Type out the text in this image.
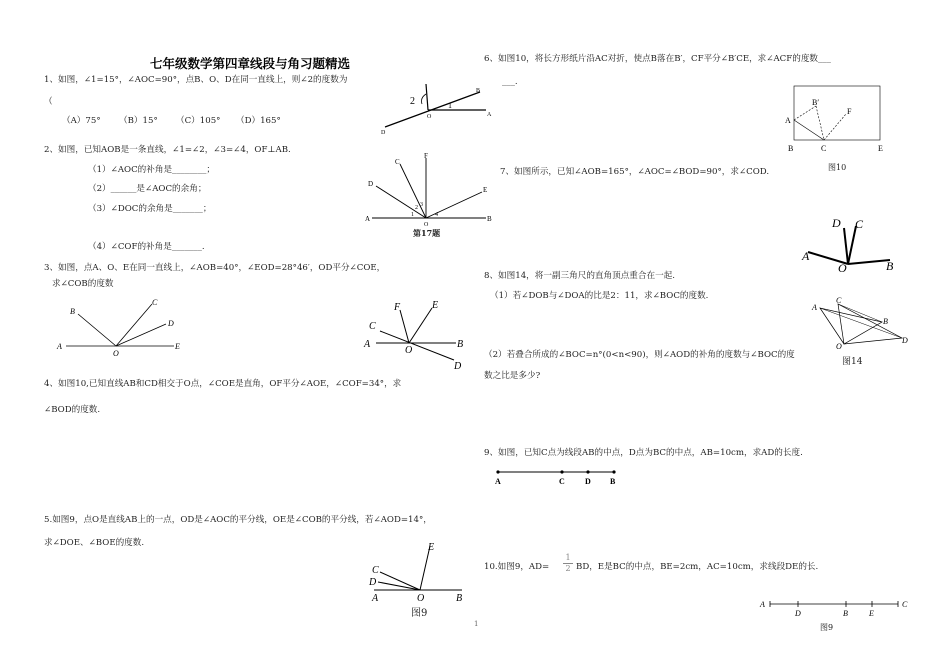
七年级数学第四章线段与角习题精选
1、如图，∠1=15°，∠AOC=90°，点B、O、D在同一直线上，则∠2的度数为
（
（A）75° （B）15° （C）105° （D）165°
2	1
A
B
D
O
2、如图，已知AOB是一条直线，∠1=∠2，∠3=∠4，OF⊥AB.
（1）∠AOC的补角是________；
（2）______是∠AOC的余角；
（3）∠DOC的余角是_______；
（4）∠COF的补角是_______.
F
C
D
E
A	B
O
1
2 3
4
第17题
3、如图，点A、O、E在同一直线上，∠AOB=40°，∠EOD=28°46′，OD平分∠COE，
求∠COB的度数
B
C
D
A
O
E
F	E
C
A
O
B
D
4、如图10,已知直线AB和CD相交于O点，∠COE是直角，OF平分∠AOE，∠COF=34°，求
∠BOD的度数.
5.如图9，点O是直线AB上的一点，OD是∠AOC的平分线，OE是∠COB的平分线，若∠AOD=14°，
求∠DOE、∠BOE的度数.	E
C
D
A	O	B
图9
6、如图10，将长方形纸片沿AC对折，使点B落在B′，CF平分∠B′CE，求∠ACF的度数___
___.
B′
F
A
B	C	E
图10
7、如图所示，已知∠AOB=165°，∠AOC=∠BOD=90°，求∠COD.
D C
A
O	B
8、如图14，将一副三角尺的直角顶点重合在一起.
（1）若∠DOB与∠DOA的比是2：11，求∠BOC的度数.
（2）若叠合所成的∠BOC=n°(0<n<90)，则∠AOD的补角的度数与∠BOC的度
数之比是多少?
C
A
B
O
D
图14
9、如图，已知C点为线段AB的中点，D点为BC的中点，AB=10cm，求AD的长度.
A	C	D B
10.如图9，$AD= \frac{1}{2}$ BD，E是BC的中点，BE=2cm，AC=10cm，求线段DE的长.
A
D	B	E
C
图9
1
